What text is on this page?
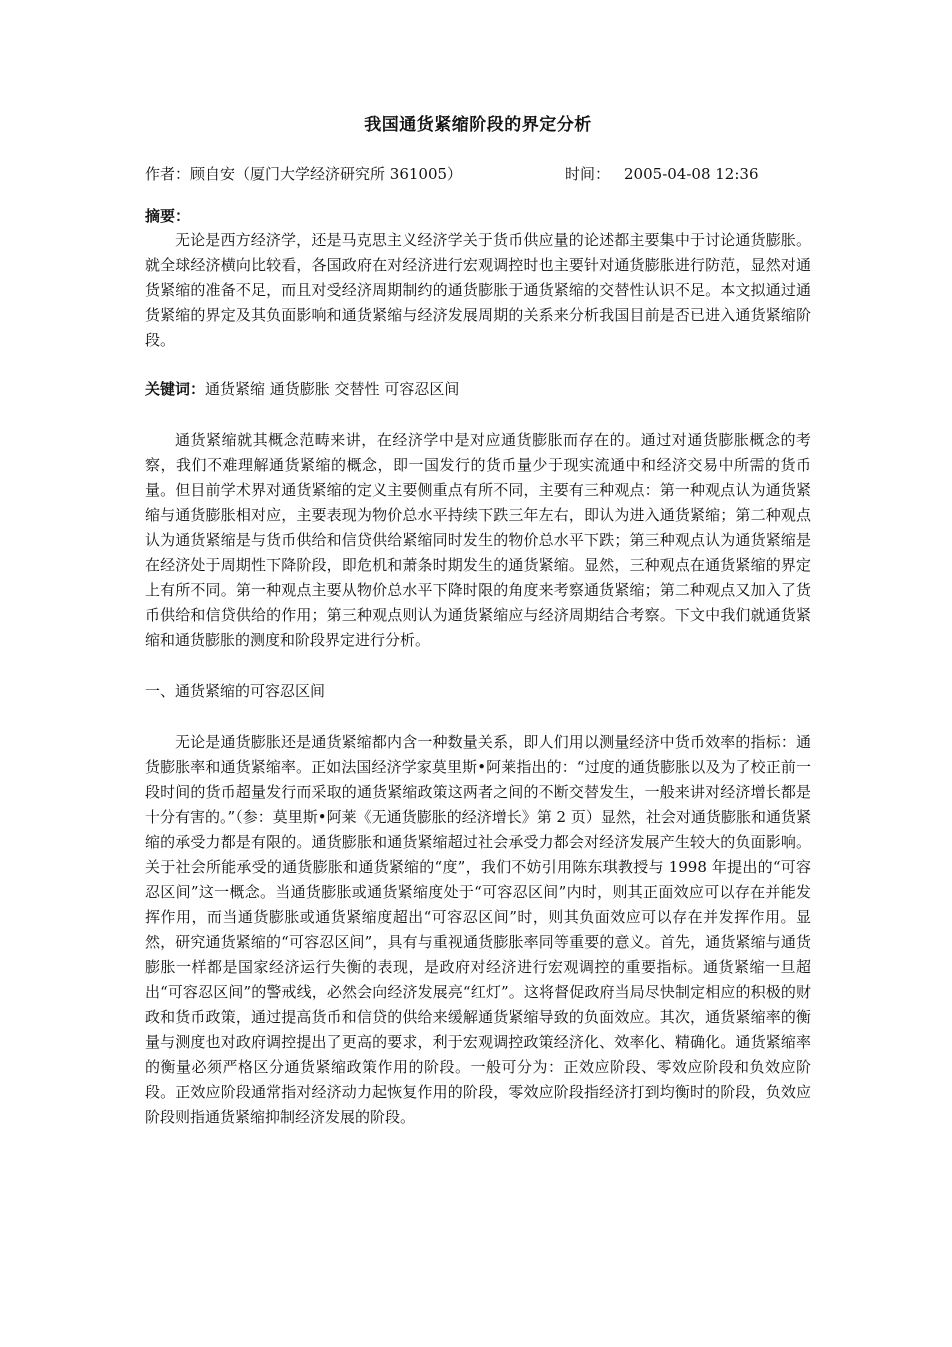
我国通货紧缩阶段的界定分析
作者：顾自安（厦门大学经济研究所 361005）	时间： 2005-04-08 12:36
摘要：

无论是西方经济学，还是马克思主义经济学关于货币供应量的论述都主要集中于讨论通货膨胀。就全球经济横向比较看，各国政府在对经济进行宏观调控时也主要针对通货膨胀进行防范，显然对通货紧缩的准备不足，而且对受经济周期制约的通货膨胀于通货紧缩的交替性认识不足。本文拟通过通货紧缩的界定及其负面影响和通货紧缩与经济发展周期的关系来分析我国目前是否已进入通货紧缩阶段。

关键词：通货紧缩 通货膨胀 交替性 可容忍区间

通货紧缩就其概念范畴来讲，在经济学中是对应通货膨胀而存在的。通过对通货膨胀概念的考察，我们不难理解通货紧缩的概念，即一国发行的货币量少于现实流通中和经济交易中所需的货币量。但目前学术界对通货紧缩的定义主要侧重点有所不同，主要有三种观点：第一种观点认为通货紧缩与通货膨胀相对应，主要表现为物价总水平持续下跌三年左右，即认为进入通货紧缩；第二种观点认为通货紧缩是与货币供给和信贷供给紧缩同时发生的物价总水平下跌；第三种观点认为通货紧缩是在经济处于周期性下降阶段，即危机和萧条时期发生的通货紧缩。显然，三种观点在通货紧缩的界定上有所不同。第一种观点主要从物价总水平下降时限的角度来考察通货紧缩；第二种观点又加入了货币供给和信贷供给的作用；第三种观点则认为通货紧缩应与经济周期结合考察。下文中我们就通货紧缩和通货膨胀的测度和阶段界定进行分析。

一、通货紧缩的可容忍区间

无论是通货膨胀还是通货紧缩都内含一种数量关系，即人们用以测量经济中货币效率的指标：通货膨胀率和通货紧缩率。正如法国经济学家莫里斯•阿莱指出的：“过度的通货膨胀以及为了校正前一段时间的货币超量发行而采取的通货紧缩政策这两者之间的不断交替发生，一般来讲对经济增长都是十分有害的。”（参：莫里斯•阿莱《无通货膨胀的经济增长》第 2 页）显然，社会对通货膨胀和通货紧缩的承受力都是有限的。通货膨胀和通货紧缩超过社会承受力都会对经济发展产生较大的负面影响。关于社会所能承受的通货膨胀和通货紧缩的“度”，我们不妨引用陈东琪教授与 1998 年提出的“可容忍区间”这一概念。当通货膨胀或通货紧缩度处于“可容忍区间”内时，则其正面效应可以存在并能发挥作用，而当通货膨胀或通货紧缩度超出“可容忍区间”时，则其负面效应可以存在并发挥作用。显然，研究通货紧缩的“可容忍区间”，具有与重视通货膨胀率同等重要的意义。首先，通货紧缩与通货膨胀一样都是国家经济运行失衡的表现，是政府对经济进行宏观调控的重要指标。通货紧缩一旦超出“可容忍区间”的警戒线，必然会向经济发展亮“红灯”。这将督促政府当局尽快制定相应的积极的财政和货币政策，通过提高货币和信贷的供给来缓解通货紧缩导致的负面效应。其次，通货紧缩率的衡量与测度也对政府调控提出了更高的要求，利于宏观调控政策经济化、效率化、精确化。通货紧缩率的衡量必须严格区分通货紧缩政策作用的阶段。一般可分为：正效应阶段、零效应阶段和负效应阶段。正效应阶段通常指对经济动力起恢复作用的阶段，零效应阶段指经济打到均衡时的阶段，负效应阶段则指通货紧缩抑制经济发展的阶段。
